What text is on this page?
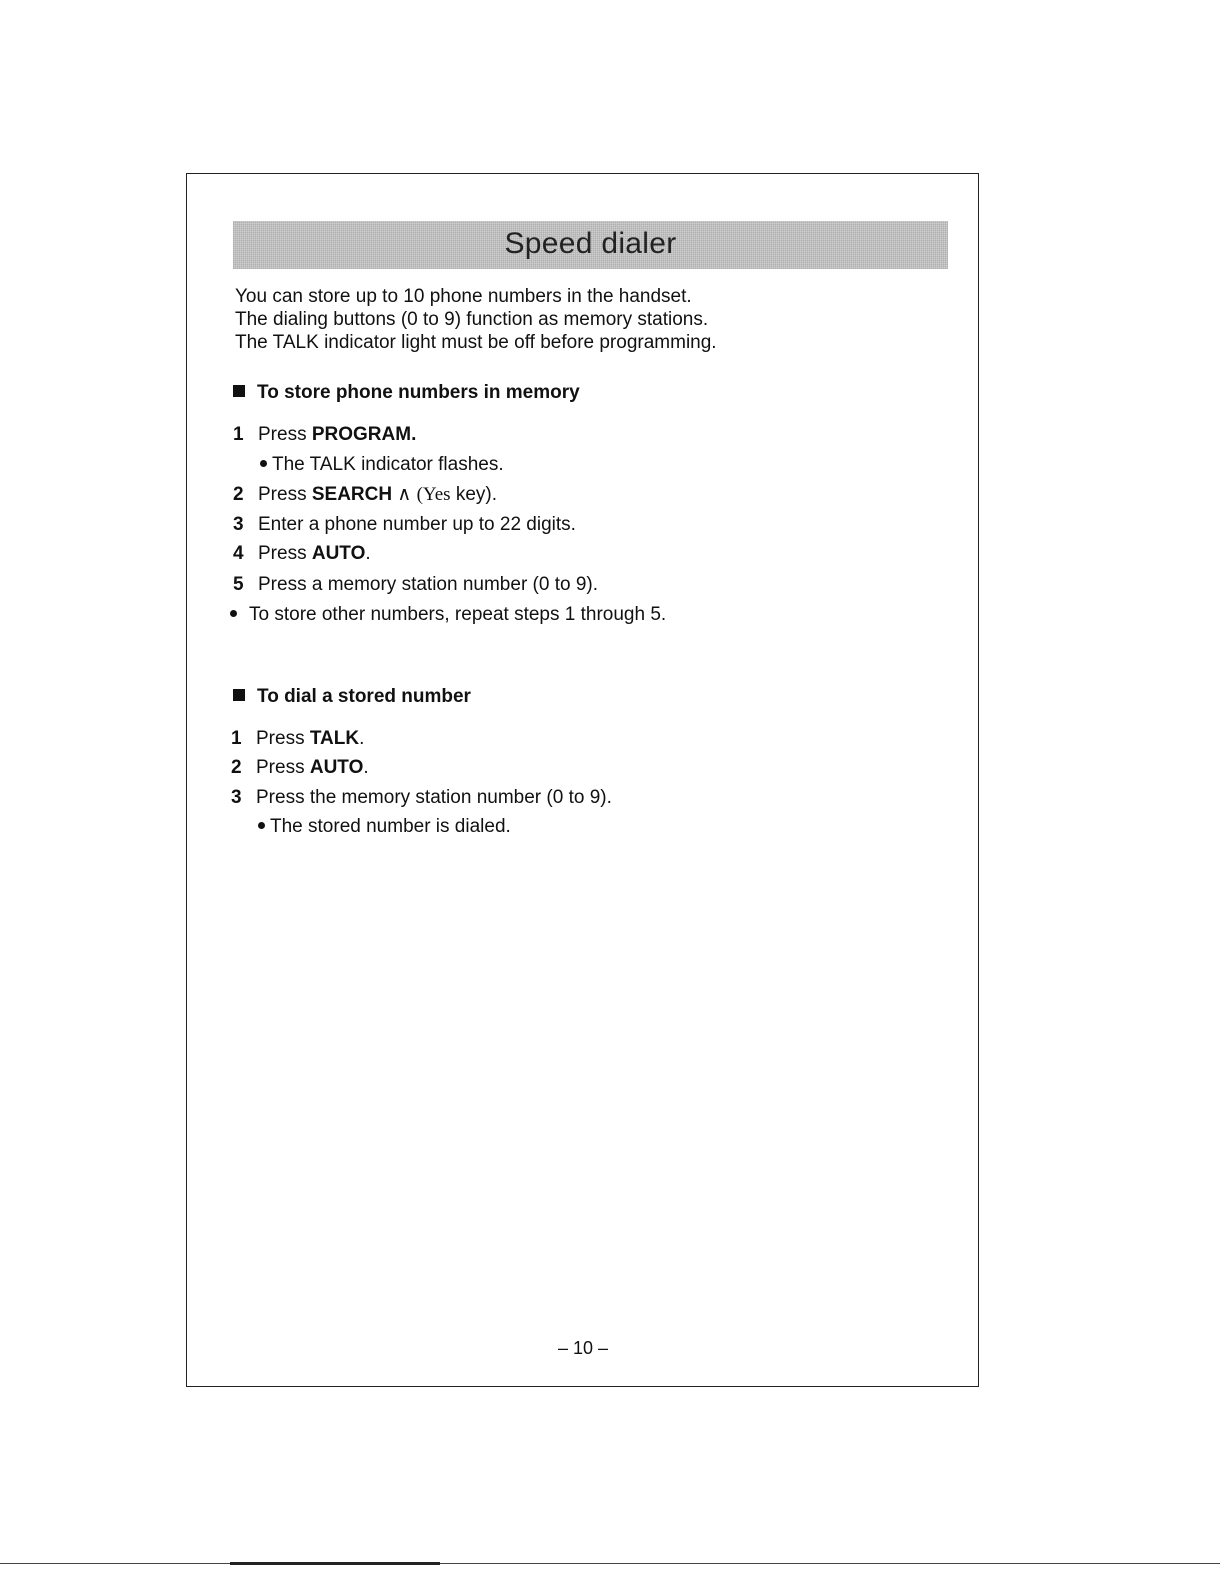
Speed dialer
You can store up to 10 phone numbers in the handset.
The dialing buttons (0 to 9) function as memory stations.
The TALK indicator light must be off before programming.
To store phone numbers in memory
1 Press PROGRAM.
The TALK indicator flashes.
2 Press SEARCH ∧ (Yes key).
3 Enter a phone number up to 22 digits.
4 Press AUTO.
5 Press a memory station number (0 to 9).
To store other numbers, repeat steps 1 through 5.
To dial a stored number
1 Press TALK.
2 Press AUTO.
3 Press the memory station number (0 to 9).
The stored number is dialed.
– 10 –
